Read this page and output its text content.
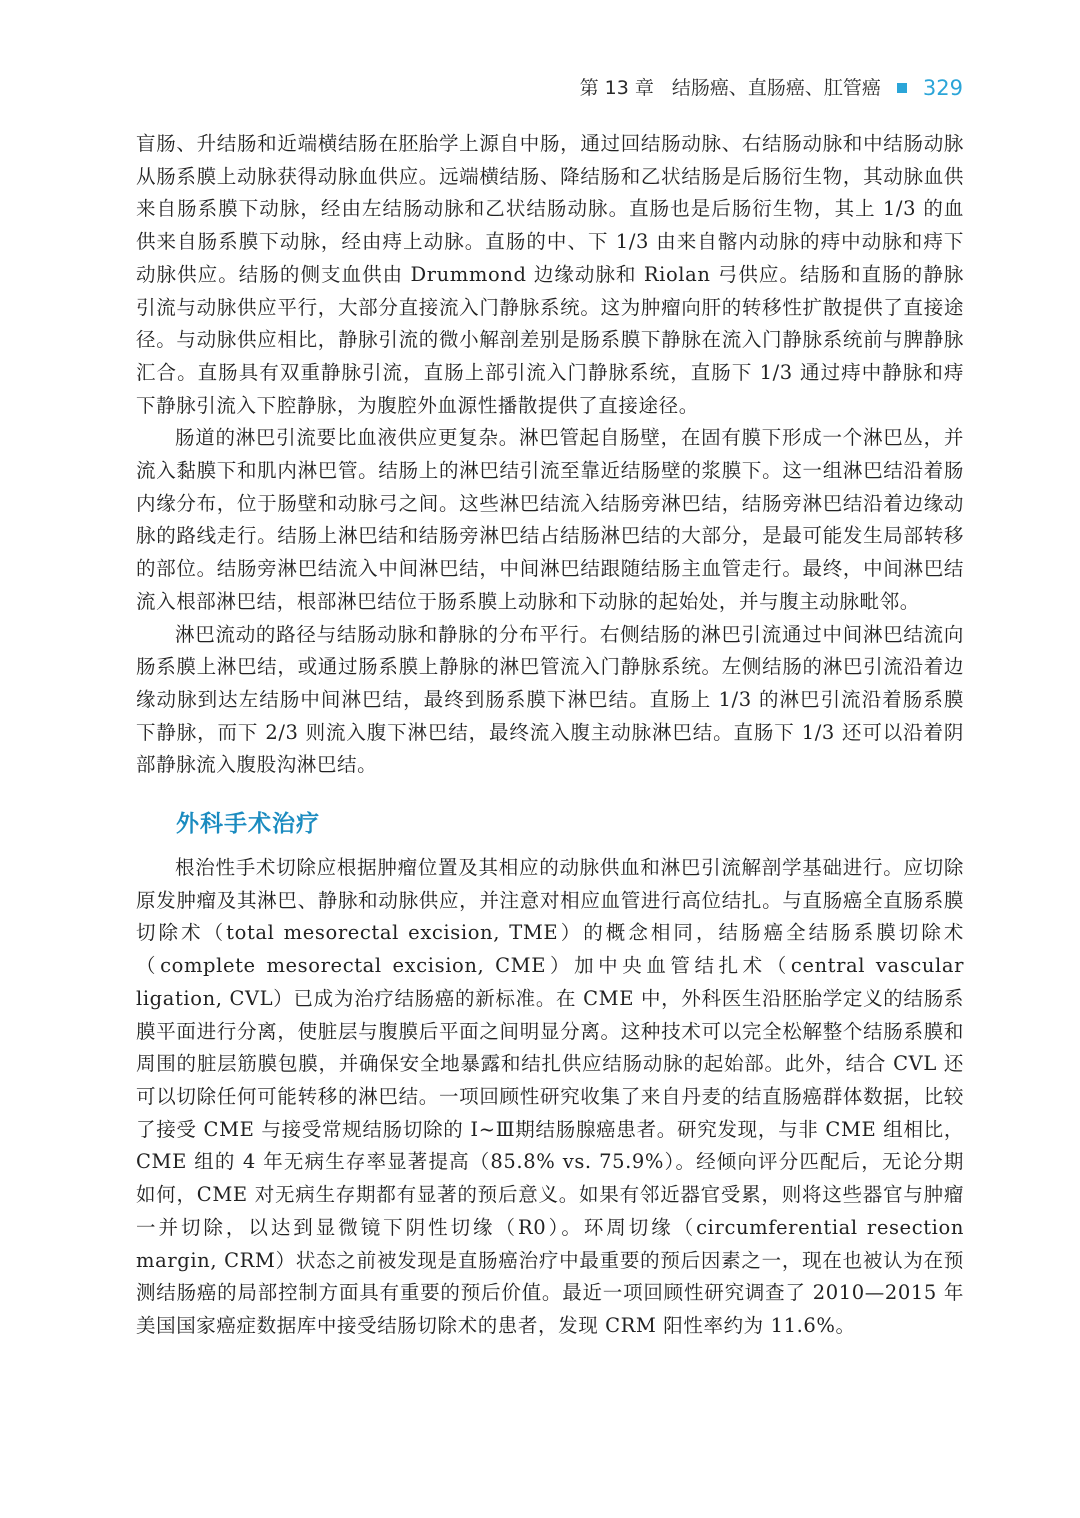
第 13 章 结肠癌、直肠癌、肛管癌 329

盲肠、升结肠和近端横结肠在胚胎学上源自中肠，通过回结肠动脉、右结肠动脉和中结肠动脉从肠系膜上动脉获得动脉血供应。远端横结肠、降结肠和乙状结肠是后肠衍生物，其动脉血供来自肠系膜下动脉，经由左结肠动脉和乙状结肠动脉。直肠也是后肠衍生物，其上 1/3 的血供来自肠系膜下动脉，经由痔上动脉。直肠的中、下 1/3 由来自髂内动脉的痔中动脉和痔下动脉供应。结肠的侧支血供由 Drummond 边缘动脉和 Riolan 弓供应。结肠和直肠的静脉引流与动脉供应平行，大部分直接流入门静脉系统。这为肿瘤向肝的转移性扩散提供了直接途径。与动脉供应相比，静脉引流的微小解剖差别是肠系膜下静脉在流入门静脉系统前与脾静脉汇合。直肠具有双重静脉引流，直肠上部引流入门静脉系统，直肠下 1/3 通过痔中静脉和痔下静脉引流入下腔静脉，为腹腔外血源性播散提供了直接途径。

肠道的淋巴引流要比血液供应更复杂。淋巴管起自肠壁，在固有膜下形成一个淋巴丛，并流入黏膜下和肌内淋巴管。结肠上的淋巴结引流至靠近结肠壁的浆膜下。这一组淋巴结沿着肠内缘分布，位于肠壁和动脉弓之间。这些淋巴结流入结肠旁淋巴结，结肠旁淋巴结沿着边缘动脉的路线走行。结肠上淋巴结和结肠旁淋巴结占结肠淋巴结的大部分，是最可能发生局部转移的部位。结肠旁淋巴结流入中间淋巴结，中间淋巴结跟随结肠主血管走行。最终，中间淋巴结流入根部淋巴结，根部淋巴结位于肠系膜上动脉和下动脉的起始处，并与腹主动脉毗邻。

淋巴流动的路径与结肠动脉和静脉的分布平行。右侧结肠的淋巴引流通过中间淋巴结流向肠系膜上淋巴结，或通过肠系膜上静脉的淋巴管流入门静脉系统。左侧结肠的淋巴引流沿着边缘动脉到达左结肠中间淋巴结，最终到肠系膜下淋巴结。直肠上 1/3 的淋巴引流沿着肠系膜下静脉，而下 2/3 则流入腹下淋巴结，最终流入腹主动脉淋巴结。直肠下 1/3 还可以沿着阴部静脉流入腹股沟淋巴结。

外科手术治疗

根治性手术切除应根据肿瘤位置及其相应的动脉供血和淋巴引流解剖学基础进行。应切除原发肿瘤及其淋巴、静脉和动脉供应，并注意对相应血管进行高位结扎。与直肠癌全直肠系膜切除术（total mesorectal excision, TME）的概念相同，结肠癌全结肠系膜切除术（complete mesorectal excision, CME）加中央血管结扎术（central vascular ligation, CVL）已成为治疗结肠癌的新标准。在 CME 中，外科医生沿胚胎学定义的结肠系膜平面进行分离，使脏层与腹膜后平面之间明显分离。这种技术可以完全松解整个结肠系膜和周围的脏层筋膜包膜，并确保安全地暴露和结扎供应结肠动脉的起始部。此外，结合 CVL 还可以切除任何可能转移的淋巴结。一项回顾性研究收集了来自丹麦的结直肠癌群体数据，比较了接受 CME 与接受常规结肠切除的 I~Ⅲ期结肠腺癌患者。研究发现，与非 CME 组相比，CME 组的 4 年无病生存率显著提高（85.8% vs. 75.9%）。经倾向评分匹配后，无论分期如何，CME 对无病生存期都有显著的预后意义。如果有邻近器官受累，则将这些器官与肿瘤一并切除，以达到显微镜下阴性切缘（R0）。环周切缘（circumferential resection margin, CRM）状态之前被发现是直肠癌治疗中最重要的预后因素之一，现在也被认为在预测结肠癌的局部控制方面具有重要的预后价值。最近一项回顾性研究调查了 2010—2015 年美国国家癌症数据库中接受结肠切除术的患者，发现 CRM 阳性率约为 11.6%。
